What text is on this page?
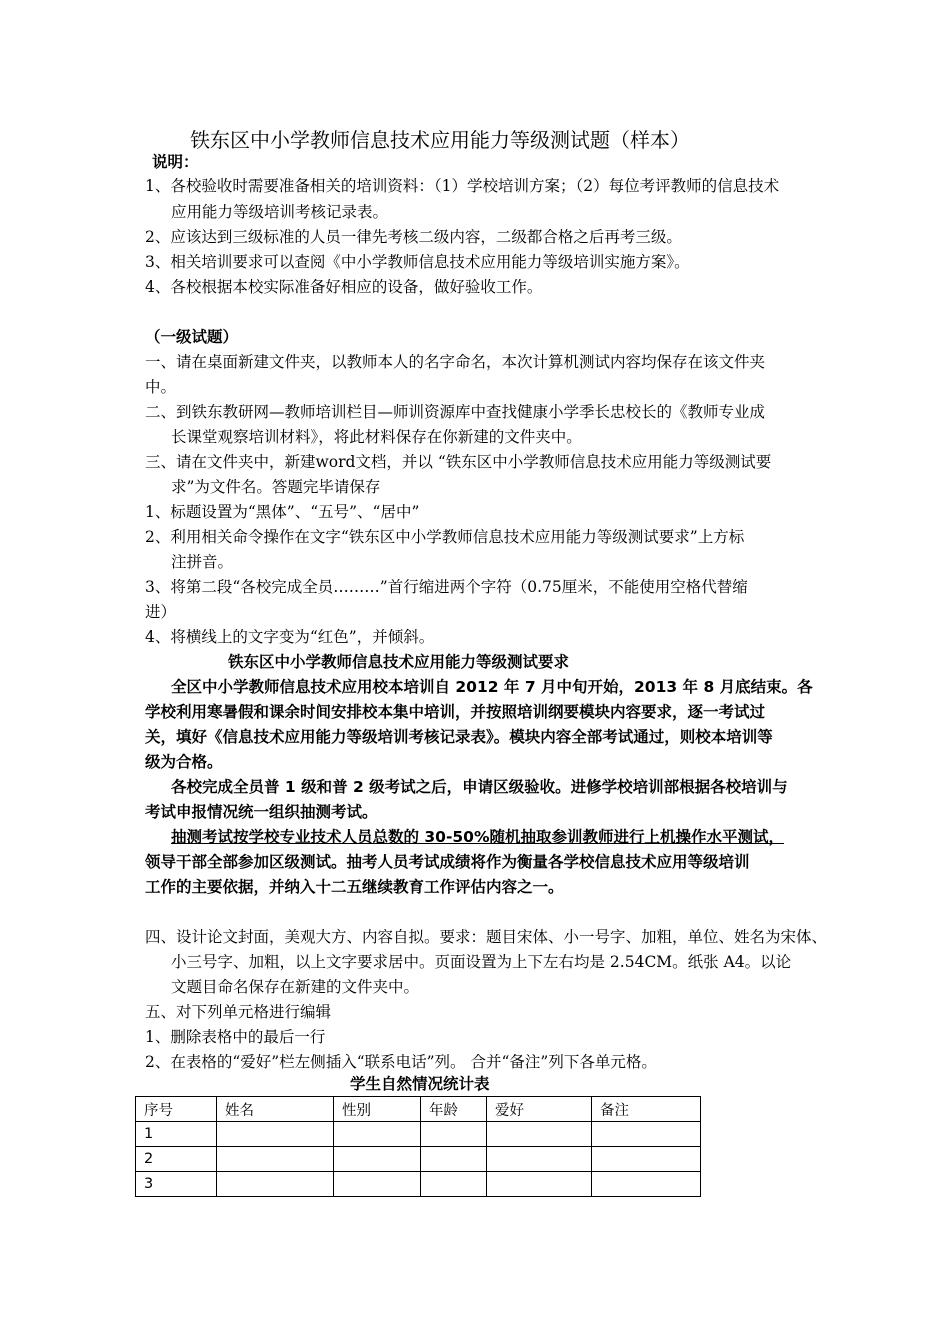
铁东区中小学教师信息技术应用能力等级测试题（样本）
说明：
1、各校验收时需要准备相关的培训资料：（1）学校培训方案；（2）每位考评教师的信息技术
应用能力等级培训考核记录表。
2、应该达到三级标准的人员一律先考核二级内容，二级都合格之后再考三级。
3、相关培训要求可以查阅《中小学教师信息技术应用能力等级培训实施方案》。
4、各校根据本校实际准备好相应的设备，做好验收工作。
（一级试题）
一、请在桌面新建文件夹，以教师本人的名字命名，本次计算机测试内容均保存在该文件夹
中。
二、到铁东教研网—教师培训栏目—师训资源库中查找健康小学季长忠校长的《教师专业成
长课堂观察培训材料》，将此材料保存在你新建的文件夹中。
三、请在文件夹中，新建word文档，并以 “铁东区中小学教师信息技术应用能力等级测试要
求”为文件名。答题完毕请保存
1、标题设置为“黑体”、“五号”、“居中”
2、利用相关命令操作在文字“铁东区中小学教师信息技术应用能力等级测试要求”上方标
注拼音。
3、将第二段“各校完成全员………”首行缩进两个字符（0.75厘米，不能使用空格代替缩
进）
4、将横线上的文字变为“红色”，并倾斜。
铁东区中小学教师信息技术应用能力等级测试要求
全区中小学教师信息技术应用校本培训自 2012 年 7 月中旬开始，2013 年 8 月底结束。各
学校利用寒暑假和课余时间安排校本集中培训，并按照培训纲要模块内容要求，逐一考试过
关，填好《信息技术应用能力等级培训考核记录表》。模块内容全部考试通过，则校本培训等
级为合格。
各校完成全员普 1 级和普 2 级考试之后，申请区级验收。进修学校培训部根据各校培训与
考试申报情况统一组织抽测考试。
抽测考试按学校专业技术人员总数的 30-50%随机抽取参训教师进行上机操作水平测试，
领导干部全部参加区级测试。抽考人员考试成绩将作为衡量各学校信息技术应用等级培训
工作的主要依据，并纳入十二五继续教育工作评估内容之一。
四、设计论文封面，美观大方、内容自拟。要求：题目宋体、小一号字、加粗，单位、姓名为宋体、
小三号字、加粗，以上文字要求居中。页面设置为上下左右均是 2.54CM。纸张 A4。以论
文题目命名保存在新建的文件夹中。
五、对下列单元格进行编辑
1、删除表格中的最后一行
2、在表格的“爱好”栏左侧插入“联系电话”列。 合并“备注”列下各单元格。
学生自然情况统计表
序号	姓名	性别	年龄	爱好	备注
1					
2					
3					
